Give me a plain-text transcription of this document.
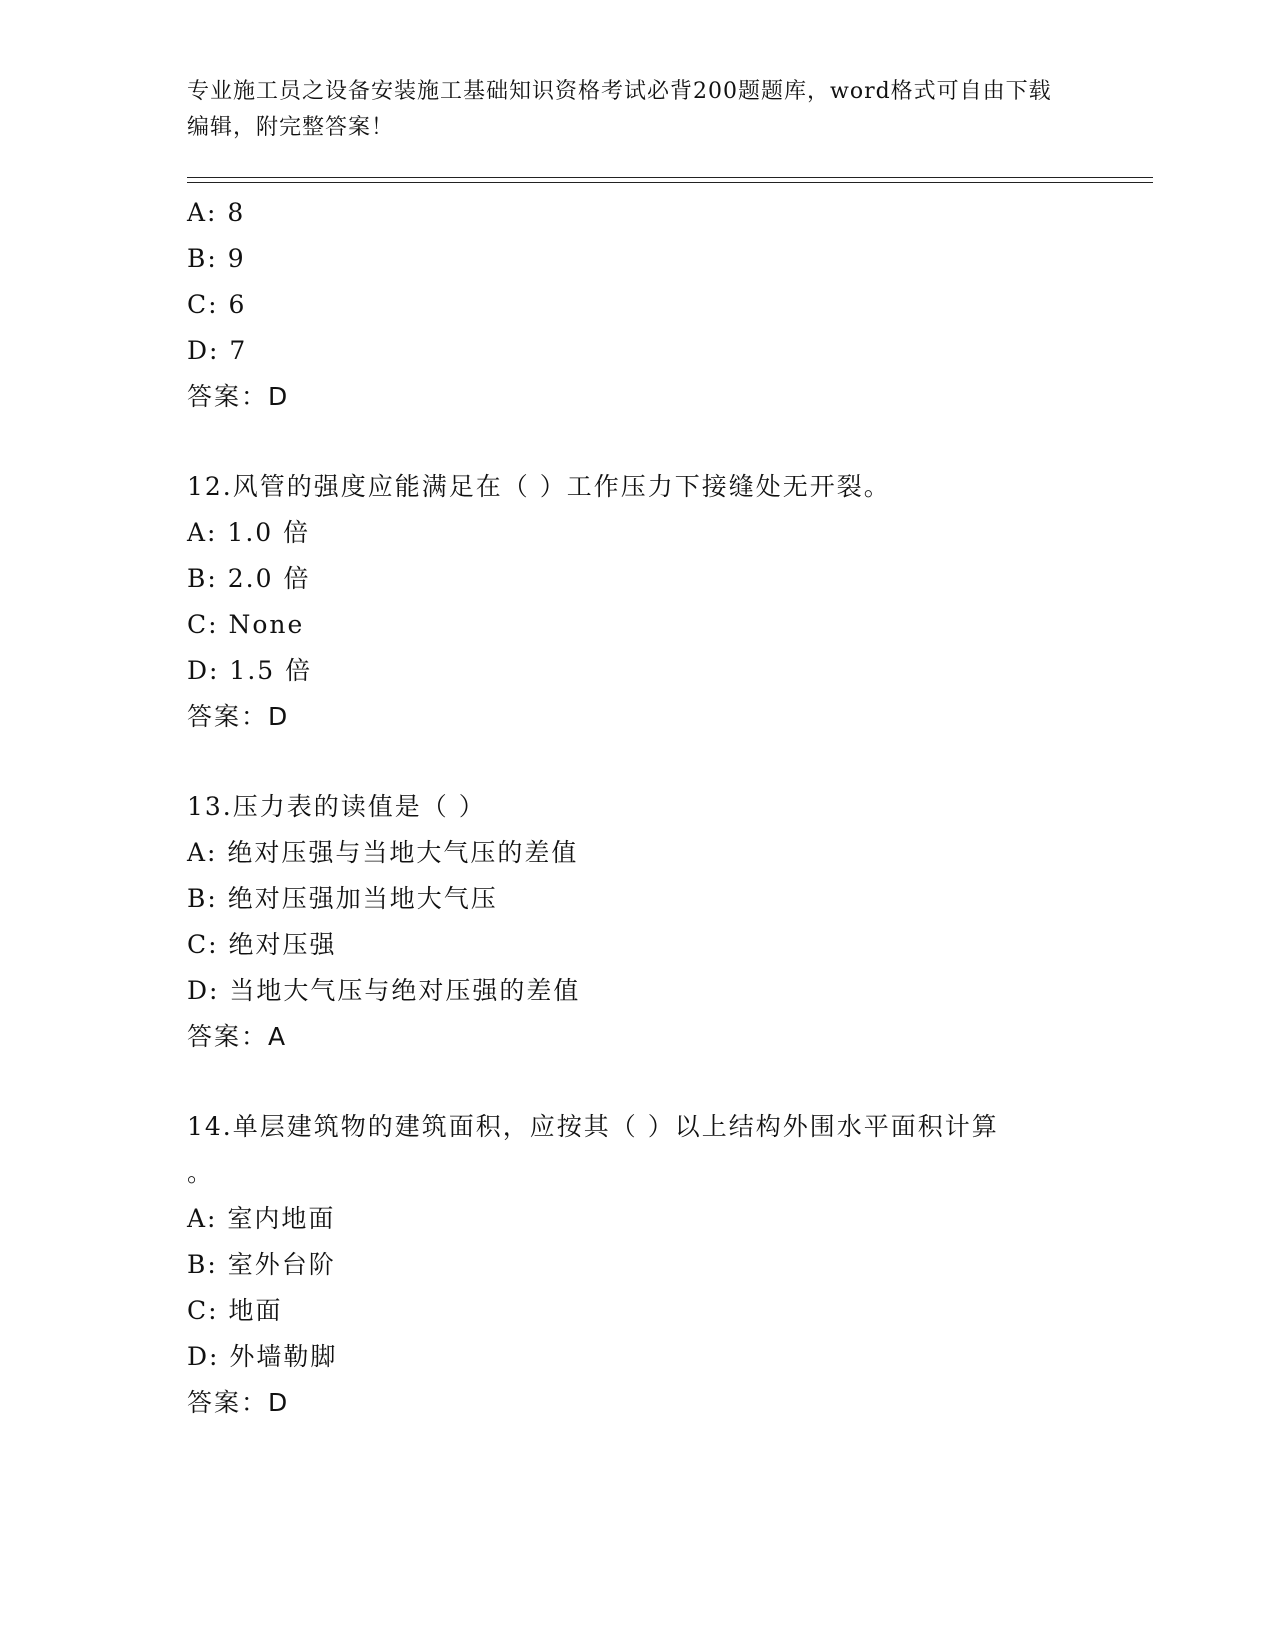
专业施工员之设备安装施工基础知识资格考试必背200题题库，word格式可自由下载编辑，附完整答案！
A: 8
B: 9
C: 6
D: 7
答案：D
12.风管的强度应能满足在（ ）工作压力下接缝处无开裂。
A: 1.0 倍
B: 2.0 倍
C: None
D: 1.5 倍
答案：D
13.压力表的读值是（ ）
A: 绝对压强与当地大气压的差值
B: 绝对压强加当地大气压
C: 绝对压强
D: 当地大气压与绝对压强的差值
答案：A
14.单层建筑物的建筑面积，应按其（ ）以上结构外围水平面积计算
。
A: 室内地面
B: 室外台阶
C: 地面
D: 外墙勒脚
答案：D
